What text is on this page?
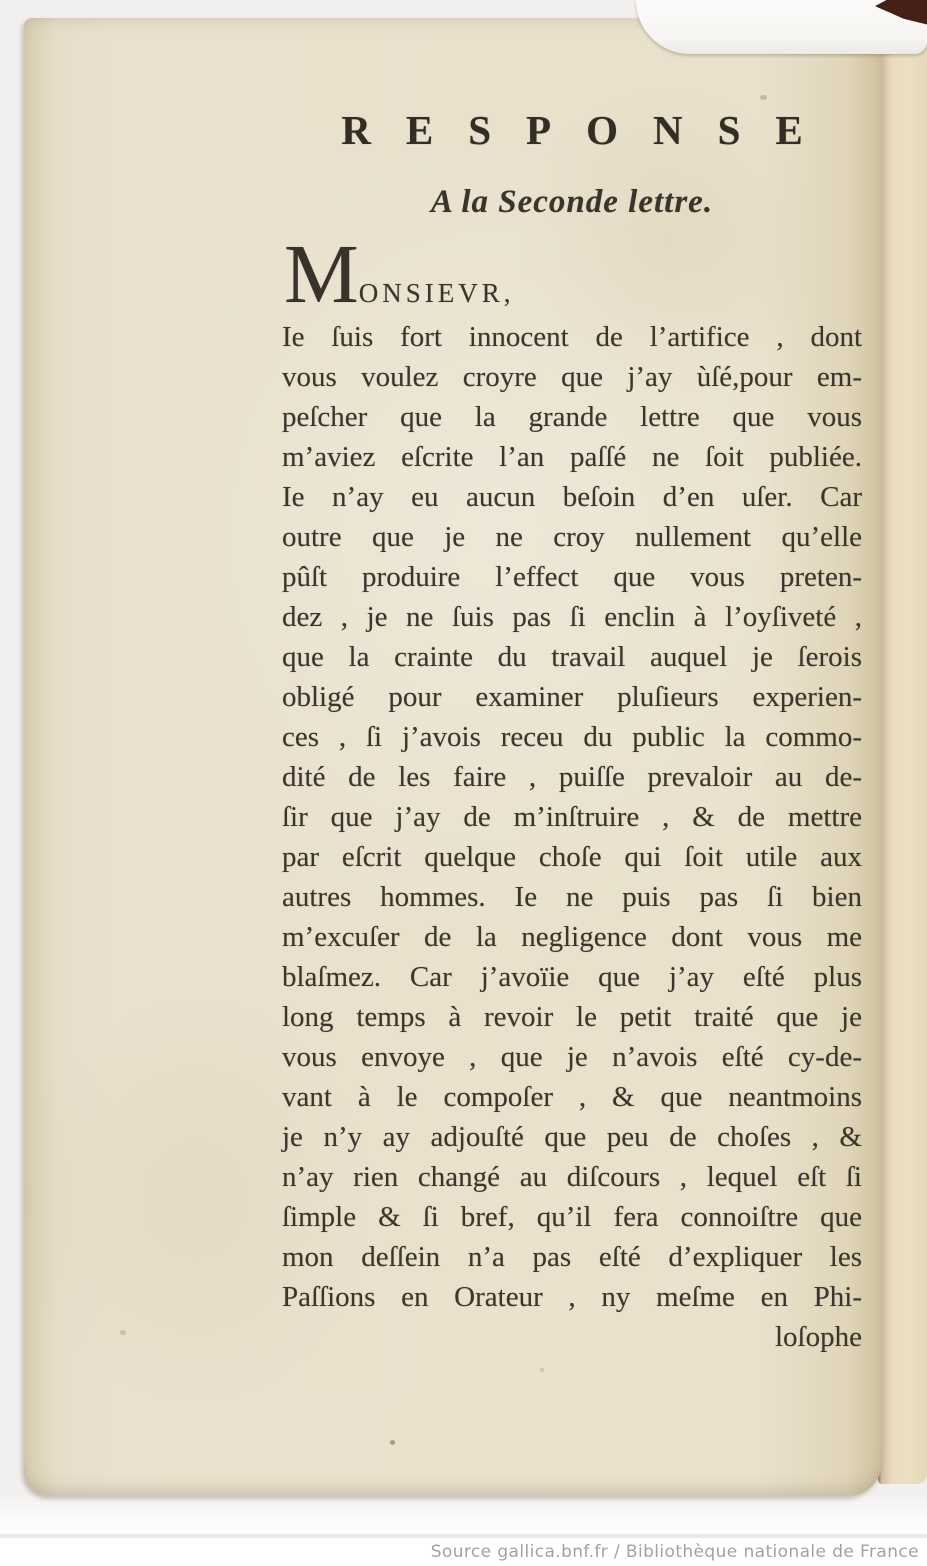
RESPONSE
A la Seconde lettre.
M ONSIEVR,
Ie ſuis fort innocent de l’artifice , dont
vous voulez croyre que j’ay ùſé,pour em-
peſcher que la grande lettre que vous
m’aviez eſcrite l’an paſſé ne ſoit publiée.
Ie n’ay eu aucun beſoin d’en uſer. Car
outre que je ne croy nullement qu’elle
pûſt produire l’effect que vous preten-
dez , je ne ſuis pas ſi enclin à l’oyſiveté ,
que la crainte du travail auquel je ſerois
obligé pour examiner pluſieurs experien-
ces , ſi j’avois receu du public la commo-
dité de les faire , puiſſe prevaloir au de-
ſir que j’ay de m’inſtruire , & de mettre
par eſcrit quelque choſe qui ſoit utile aux
autres hommes. Ie ne puis pas ſi bien
m’excuſer de la negligence dont vous me
blaſmez. Car j’avoïie que j’ay eſté plus
long temps à revoir le petit traité que je
vous envoye , que je n’avois eſté cy-de-
vant à le compoſer , & que neantmoins
je n’y ay adjouſté que peu de choſes , &
n’ay rien changé au diſcours , lequel eſt ſi
ſimple & ſi bref, qu’il fera connoiſtre que
mon deſſein n’a pas eſté d’expliquer les
Paſſions en Orateur , ny meſme en Phi-
loſophe
Source gallica.bnf.fr / Bibliothèque nationale de France
